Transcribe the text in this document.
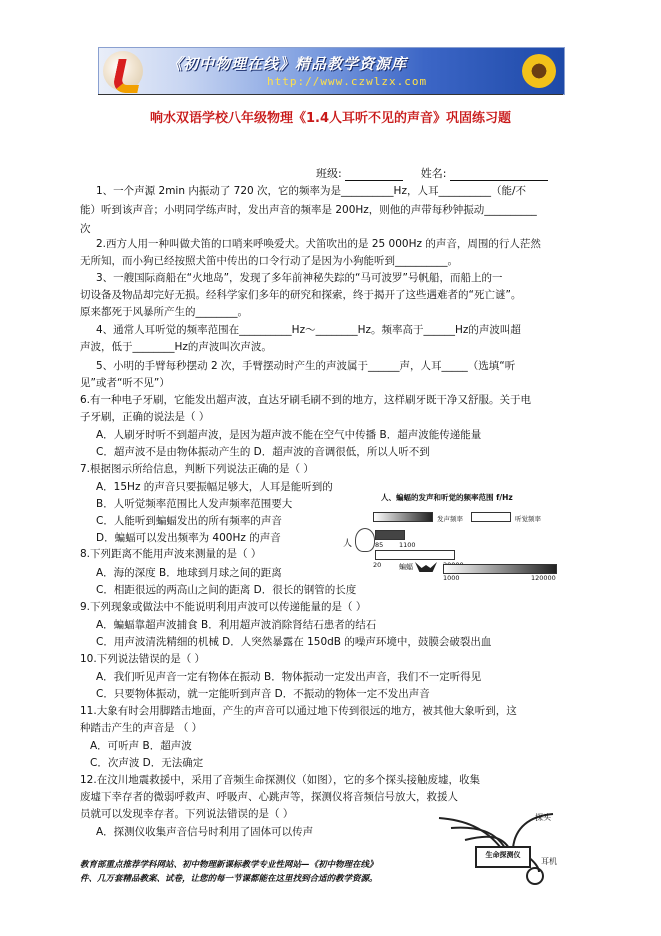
《初中物理在线》精品教学资源库
http://www.czwlzx.com
响水双语学校八年级物理《1.4人耳听不见的声音》巩固练习题
班级:	姓名:
1、一个声源 2min 内振动了 720 次，它的频率为是__________Hz，人耳__________（能/不
能）听到该声音；小明同学练声时，发出声音的频率是 200Hz，则他的声带每秒钟振动__________
次
2.西方人用一种叫做犬笛的口哨来呼唤爱犬。犬笛吹出的是 25 000Hz 的声音，周围的行人茫然
无所知，而小狗已经按照犬笛中传出的口令行动了是因为小狗能听到__________。
3、一艘国际商船在“火地岛”，发现了多年前神秘失踪的“马可波罗”号帆船，而船上的一
切设备及物品却完好无损。经科学家们多年的研究和探索，终于揭开了这些遇难者的“死亡谜”。
原来都死于风暴所产生的________。
4、通常人耳听觉的频率范围在__________Hz～________Hz。频率高于______Hz的声波叫超
声波，低于________Hz的声波叫次声波。
5、小明的手臂每秒摆动 2 次，手臂摆动时产生的声波属于______声，人耳_____（选填“听
见”或者“听不见”）
6.有一种电子牙刷，它能发出超声波，直达牙刷毛刷不到的地方，这样刷牙既干净又舒服。关于电
子牙刷，正确的说法是（ ）
A．人刷牙时听不到超声波，是因为超声波不能在空气中传播 B．超声波能传递能量
C．超声波不是由物体振动产生的 D．超声波的音调很低，所以人听不到
7.根据图示所给信息，判断下列说法正确的是（ ）
A．15Hz 的声音只要振幅足够大，人耳是能听到的
B．人听觉频率范围比人发声频率范围要大
C．人能听到蝙蝠发出的所有频率的声音
D．蝙蝠可以发出频率为 400Hz 的声音
8.下列距离不能用声波来测量的是（ ）
A．海的深度 B．地球到月球之间的距离
C．相距很远的两高山之间的距离 D．很长的钢管的长度
9.下列现象或做法中不能说明利用声波可以传递能量的是（ ）
A．蝙蝠靠超声波捕食 B．利用超声波消除肾结石患者的结石
C．用声波清洗精细的机械 D．人突然暴露在 150dB 的噪声环境中，鼓膜会破裂出血
10.下列说法错误的是（ ）
A．我们听见声音一定有物体在振动 B．物体振动一定发出声音，我们不一定听得见
C．只要物体振动，就一定能听到声音 D．不振动的物体一定不发出声音
11.大象有时会用脚踏击地面，产生的声音可以通过地下传到很远的地方，被其他大象听到，这
种踏击产生的声音是 （ ）
A．可听声 B．超声波
C．次声波 D．无法确定
12.在汶川地震救援中，采用了音频生命探测仪（如图），它的多个探头接触废墟，收集
废墟下幸存者的微弱呼救声、呼吸声、心跳声等，探测仪将音频信号放大，救援人
员就可以发现幸存者。下列说法错误的是（ ）
A．探测仪收集声音信号时利用了固体可以传声
人、蝙蝠的发声和听觉的频率范围 f/Hz
发声频率	听觉频率
人	85 1100
20	蝙蝠
1000	120000
探头
生命探测仪
耳机
教育部重点推荐学科网站、初中物理新课标教学专业性网站—《初中物理在线》
件、几万套精品教案、试卷，让您的每一节课都能在这里找到合适的教学资源。
